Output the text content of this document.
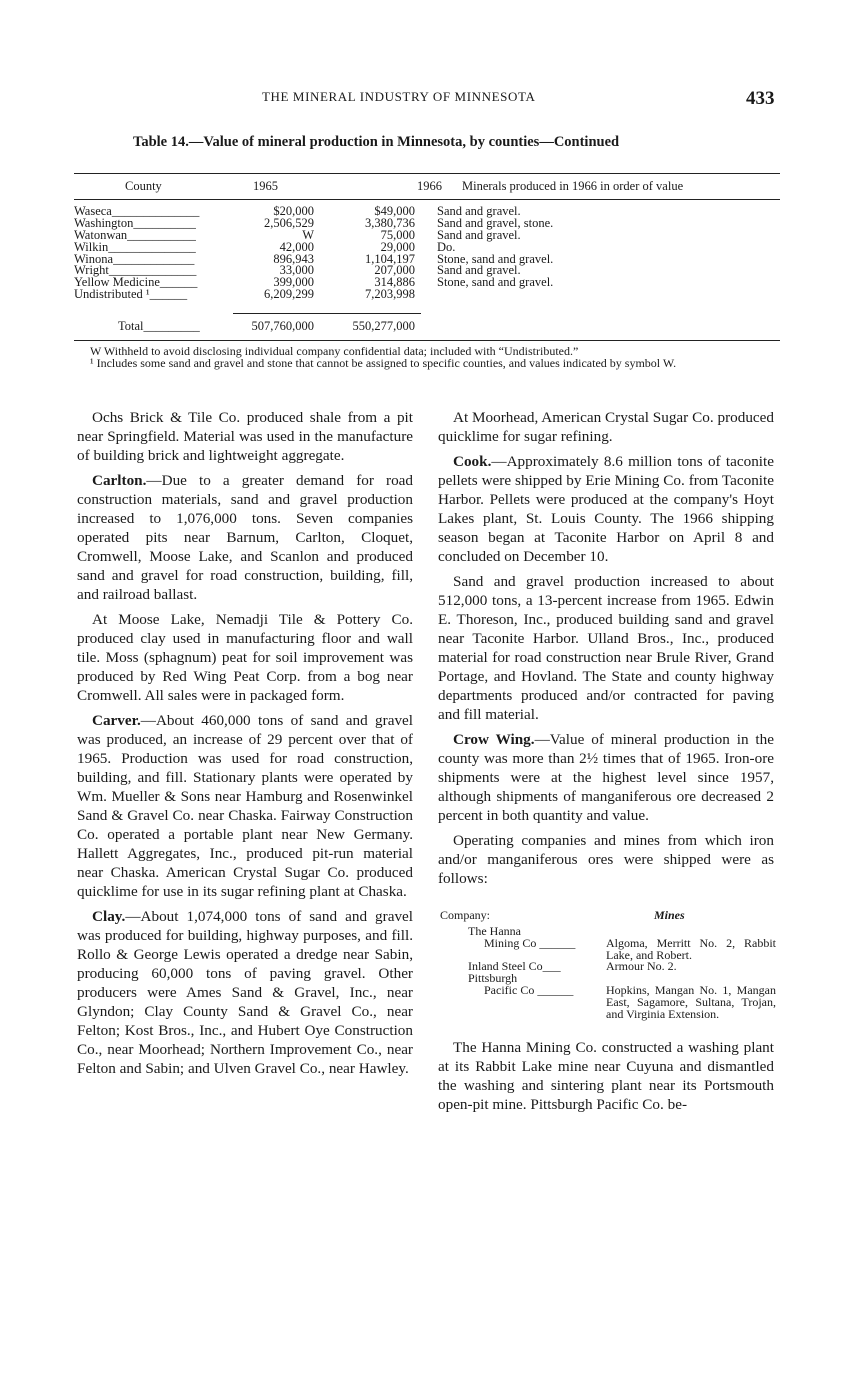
THE MINERAL INDUSTRY OF MINNESOTA	433
Table 14.—Value of mineral production in Minnesota, by counties—Continued
County	1965	1966 Minerals produced in 1966 in order of value
Waseca______________	$20,000	$49,000 Sand and gravel.
Washington__________	2,506,529	3,380,736 Sand and gravel, stone.
Watonwan___________	W	75,000 Sand and gravel.
Wilkin______________	42,000	29,000 Do.
Winona_____________	896,943	1,104,197 Stone, sand and gravel.
Wright______________	33,000	207,000 Sand and gravel.
Yellow Medicine______	399,000	314,886 Stone, sand and gravel.
Undistributed ¹______	6,209,299	7,203,998
Total_________	507,760,000	550,277,000
W Withheld to avoid disclosing individual company confidential data; included with “Undistributed.”
¹ Includes some sand and gravel and stone that cannot be assigned to specific counties, and values indicated by symbol W.

Ochs Brick & Tile Co. produced shale from a pit near Springfield. Material was used in the manufacture of building brick and lightweight aggregate.

Carlton.—Due to a greater demand for road construction materials, sand and gravel production increased to 1,076,000 tons. Seven companies operated pits near Barnum, Carlton, Cloquet, Cromwell, Moose Lake, and Scanlon and produced sand and gravel for road construction, building, fill, and railroad ballast.

At Moose Lake, Nemadji Tile & Pottery Co. produced clay used in manufacturing floor and wall tile. Moss (sphagnum) peat for soil improvement was produced by Red Wing Peat Corp. from a bog near Cromwell. All sales were in packaged form.

Carver.—About 460,000 tons of sand and gravel was produced, an increase of 29 percent over that of 1965. Production was used for road construction, building, and fill. Stationary plants were operated by Wm. Mueller & Sons near Hamburg and Rosenwinkel Sand & Gravel Co. near Chaska. Fairway Construction Co. operated a portable plant near New Germany. Hallett Aggregates, Inc., produced pit-run material near Chaska. American Crystal Sugar Co. produced quicklime for use in its sugar refining plant at Chaska.

Clay.—About 1,074,000 tons of sand and gravel was produced for building, highway purposes, and fill. Rollo & George Lewis operated a dredge near Sabin, producing 60,000 tons of paving gravel. Other producers were Ames Sand & Gravel, Inc., near Glyndon; Clay County Sand & Gravel Co., near Felton; Kost Bros., Inc., and Hubert Oye Construction Co., near Moorhead; Northern Improvement Co., near Felton and Sabin; and Ulven Gravel Co., near Hawley.

At Moorhead, American Crystal Sugar Co. produced quicklime for sugar refining.

Cook.—Approximately 8.6 million tons of taconite pellets were shipped by Erie Mining Co. from Taconite Harbor. Pellets were produced at the company's Hoyt Lakes plant, St. Louis County. The 1966 shipping season began at Taconite Harbor on April 8 and concluded on December 10.

Sand and gravel production increased to about 512,000 tons, a 13-percent increase from 1965. Edwin E. Thoreson, Inc., produced building sand and gravel near Taconite Harbor. Ulland Bros., Inc., produced material for road construction near Brule River, Grand Portage, and Hovland. The State and county highway departments produced and/or contracted for paving and fill material.

Crow Wing.—Value of mineral production in the county was more than 2½ times that of 1965. Iron-ore shipments were at the highest level since 1957, although shipments of manganiferous ore decreased 2 percent in both quantity and value.

Operating companies and mines from which iron and/or manganiferous ores were shipped were as follows:

Company:	Mines
The Hanna
Mining Co ______	Algoma, Merritt No. 2, Rabbit Lake, and Robert.
Inland Steel Co___	Armour No. 2.
Pittsburgh
Pacific Co ______	Hopkins, Mangan No. 1, Mangan East, Sagamore, Sultana, Trojan, and Virginia Extension.

The Hanna Mining Co. constructed a washing plant at its Rabbit Lake mine near Cuyuna and dismantled the washing and sintering plant near its Portsmouth open-pit mine. Pittsburgh Pacific Co. be-
